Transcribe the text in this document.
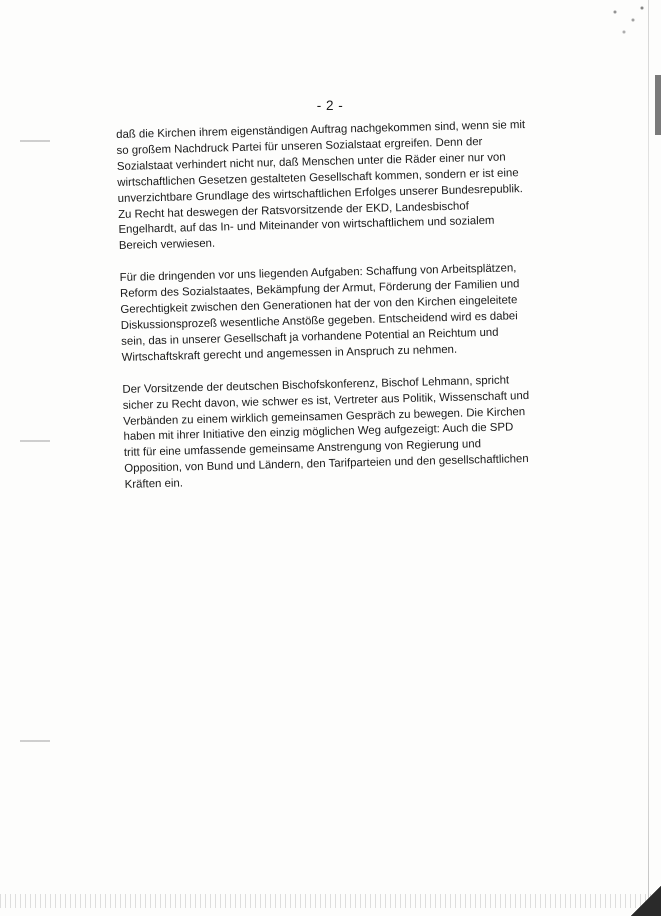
- 2 -

daß die Kirchen ihrem eigenständigen Auftrag nachgekommen sind, wenn sie mit
so großem Nachdruck Partei für unseren Sozialstaat ergreifen. Denn der
Sozialstaat verhindert nicht nur, daß Menschen unter die Räder einer nur von
wirtschaftlichen Gesetzen gestalteten Gesellschaft kommen, sondern er ist eine
unverzichtbare Grundlage des wirtschaftlichen Erfolges unserer Bundesrepublik.
Zu Recht hat deswegen der Ratsvorsitzende der EKD, Landesbischof
Engelhardt, auf das In- und Miteinander von wirtschaftlichem und sozialem
Bereich verwiesen.

Für die dringenden vor uns liegenden Aufgaben: Schaffung von Arbeitsplätzen,
Reform des Sozialstaates, Bekämpfung der Armut, Förderung der Familien und
Gerechtigkeit zwischen den Generationen hat der von den Kirchen eingeleitete
Diskussionsprozeß wesentliche Anstöße gegeben. Entscheidend wird es dabei
sein, das in unserer Gesellschaft ja vorhandene Potential an Reichtum und
Wirtschaftskraft gerecht und angemessen in Anspruch zu nehmen.

Der Vorsitzende der deutschen Bischofskonferenz, Bischof Lehmann, spricht
sicher zu Recht davon, wie schwer es ist, Vertreter aus Politik, Wissenschaft und
Verbänden zu einem wirklich gemeinsamen Gespräch zu bewegen. Die Kirchen
haben mit ihrer Initiative den einzig möglichen Weg aufgezeigt: Auch die SPD
tritt für eine umfassende gemeinsame Anstrengung von Regierung und
Opposition, von Bund und Ländern, den Tarifparteien und den gesellschaftlichen
Kräften ein.
